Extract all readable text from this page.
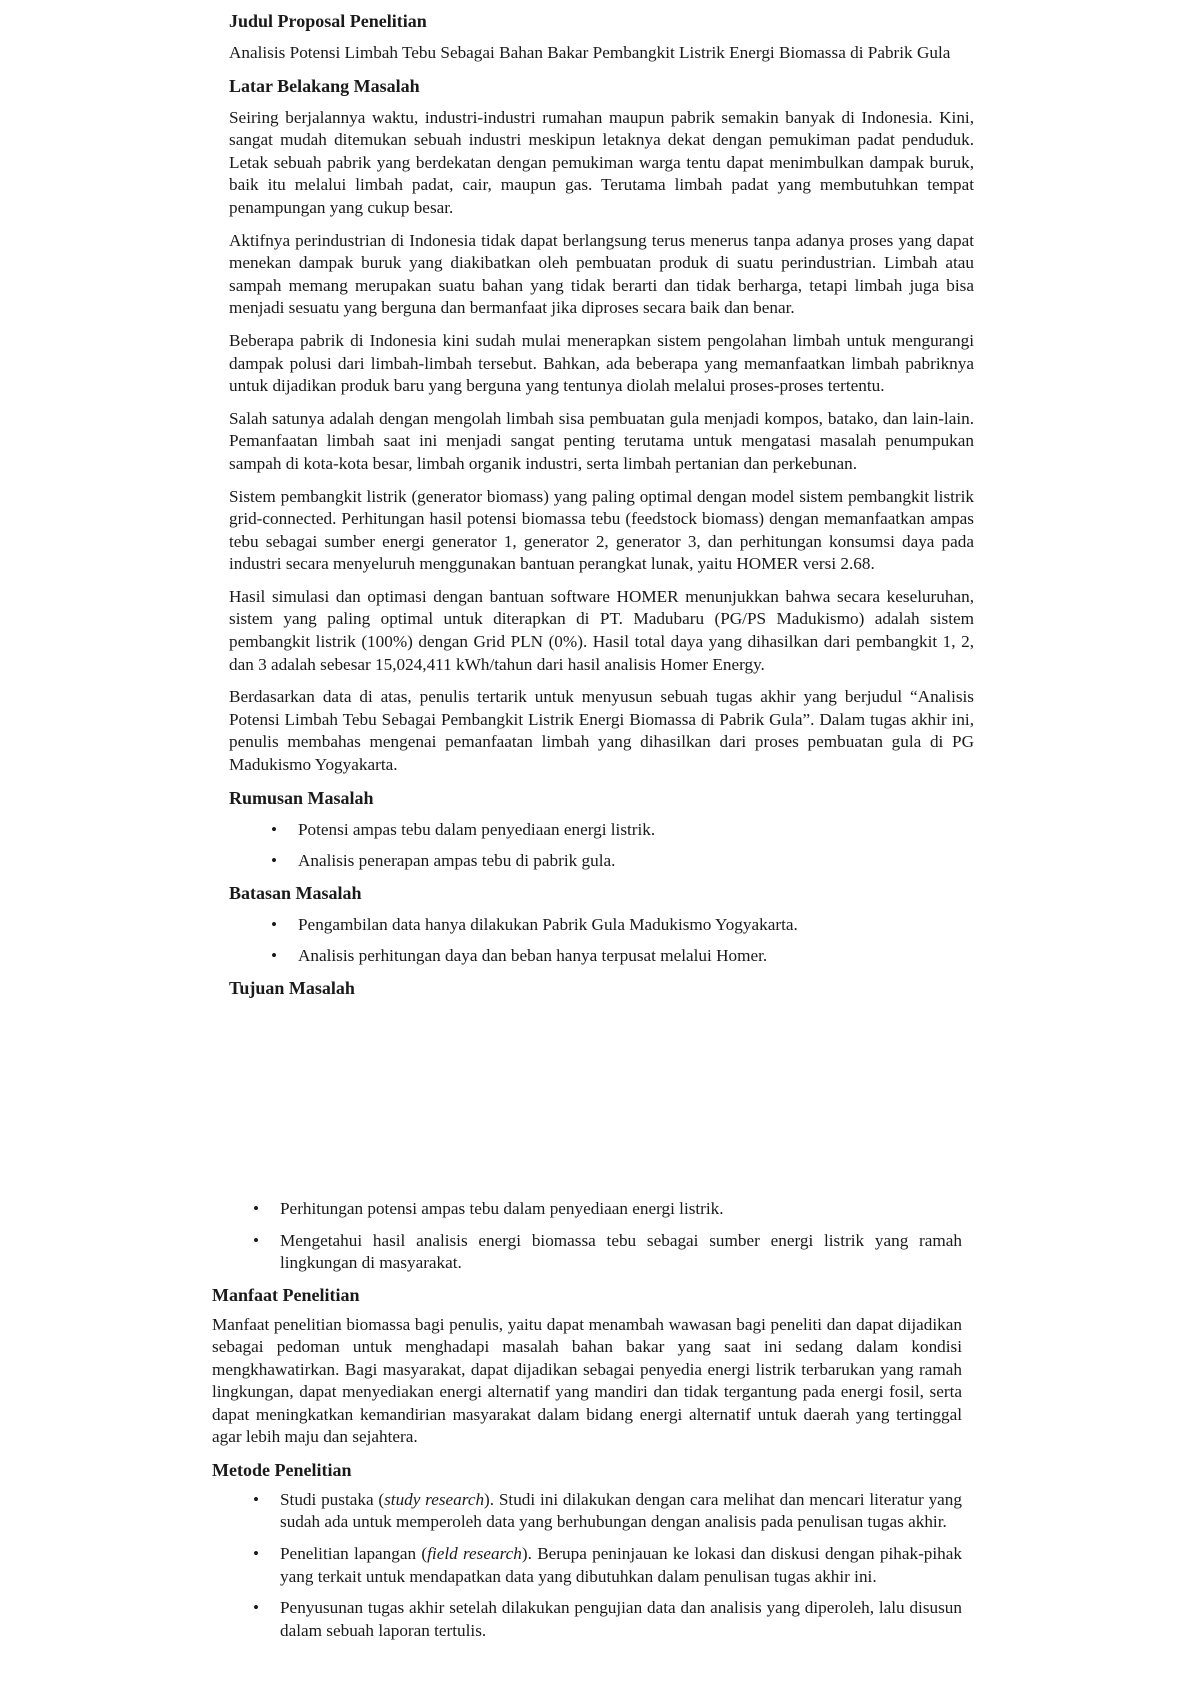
Judul Proposal Penelitian

Analisis Potensi Limbah Tebu Sebagai Bahan Bakar Pembangkit Listrik Energi Biomassa di Pabrik Gula

Latar Belakang Masalah

Seiring berjalannya waktu, industri-industri rumahan maupun pabrik semakin banyak di Indonesia. Kini, sangat mudah ditemukan sebuah industri meskipun letaknya dekat dengan pemukiman padat penduduk. Letak sebuah pabrik yang berdekatan dengan pemukiman warga tentu dapat menimbulkan dampak buruk, baik itu melalui limbah padat, cair, maupun gas. Terutama limbah padat yang membutuhkan tempat penampungan yang cukup besar.

Aktifnya perindustrian di Indonesia tidak dapat berlangsung terus menerus tanpa adanya proses yang dapat menekan dampak buruk yang diakibatkan oleh pembuatan produk di suatu perindustrian. Limbah atau sampah memang merupakan suatu bahan yang tidak berarti dan tidak berharga, tetapi limbah juga bisa menjadi sesuatu yang berguna dan bermanfaat jika diproses secara baik dan benar.

Beberapa pabrik di Indonesia kini sudah mulai menerapkan sistem pengolahan limbah untuk mengurangi dampak polusi dari limbah-limbah tersebut. Bahkan, ada beberapa yang memanfaatkan limbah pabriknya untuk dijadikan produk baru yang berguna yang tentunya diolah melalui proses-proses tertentu.

Salah satunya adalah dengan mengolah limbah sisa pembuatan gula menjadi kompos, batako, dan lain-lain. Pemanfaatan limbah saat ini menjadi sangat penting terutama untuk mengatasi masalah penumpukan sampah di kota-kota besar, limbah organik industri, serta limbah pertanian dan perkebunan.

Sistem pembangkit listrik (generator biomass) yang paling optimal dengan model sistem pembangkit listrik grid-connected. Perhitungan hasil potensi biomassa tebu (feedstock biomass) dengan memanfaatkan ampas tebu sebagai sumber energi generator 1, generator 2, generator 3, dan perhitungan konsumsi daya pada industri secara menyeluruh menggunakan bantuan perangkat lunak, yaitu HOMER versi 2.68.

Hasil simulasi dan optimasi dengan bantuan software HOMER menunjukkan bahwa secara keseluruhan, sistem yang paling optimal untuk diterapkan di PT. Madubaru (PG/PS Madukismo) adalah sistem pembangkit listrik (100%) dengan Grid PLN (0%). Hasil total daya yang dihasilkan dari pembangkit 1, 2, dan 3 adalah sebesar 15,024,411 kWh/tahun dari hasil analisis Homer Energy.

Berdasarkan data di atas, penulis tertarik untuk menyusun sebuah tugas akhir yang berjudul “Analisis Potensi Limbah Tebu Sebagai Pembangkit Listrik Energi Biomassa di Pabrik Gula”. Dalam tugas akhir ini, penulis membahas mengenai pemanfaatan limbah yang dihasilkan dari proses pembuatan gula di PG Madukismo Yogyakarta.

Rumusan Masalah
• Potensi ampas tebu dalam penyediaan energi listrik.
• Analisis penerapan ampas tebu di pabrik gula.
Batasan Masalah
• Pengambilan data hanya dilakukan Pabrik Gula Madukismo Yogyakarta.
• Analisis perhitungan daya dan beban hanya terpusat melalui Homer.
Tujuan Masalah
• Perhitungan potensi ampas tebu dalam penyediaan energi listrik.
• Mengetahui hasil analisis energi biomassa tebu sebagai sumber energi listrik yang ramah lingkungan di masyarakat.
Manfaat Penelitian

Manfaat penelitian biomassa bagi penulis, yaitu dapat menambah wawasan bagi peneliti dan dapat dijadikan sebagai pedoman untuk menghadapi masalah bahan bakar yang saat ini sedang dalam kondisi mengkhawatirkan. Bagi masyarakat, dapat dijadikan sebagai penyedia energi listrik terbarukan yang ramah lingkungan, dapat menyediakan energi alternatif yang mandiri dan tidak tergantung pada energi fosil, serta dapat meningkatkan kemandirian masyarakat dalam bidang energi alternatif untuk daerah yang tertinggal agar lebih maju dan sejahtera.

Metode Penelitian
• Studi pustaka (study research). Studi ini dilakukan dengan cara melihat dan mencari literatur yang sudah ada untuk memperoleh data yang berhubungan dengan analisis pada penulisan tugas akhir.
• Penelitian lapangan (field research). Berupa peninjauan ke lokasi dan diskusi dengan pihak-pihak yang terkait untuk mendapatkan data yang dibutuhkan dalam penulisan tugas akhir ini.
• Penyusunan tugas akhir setelah dilakukan pengujian data dan analisis yang diperoleh, lalu disusun dalam sebuah laporan tertulis.
